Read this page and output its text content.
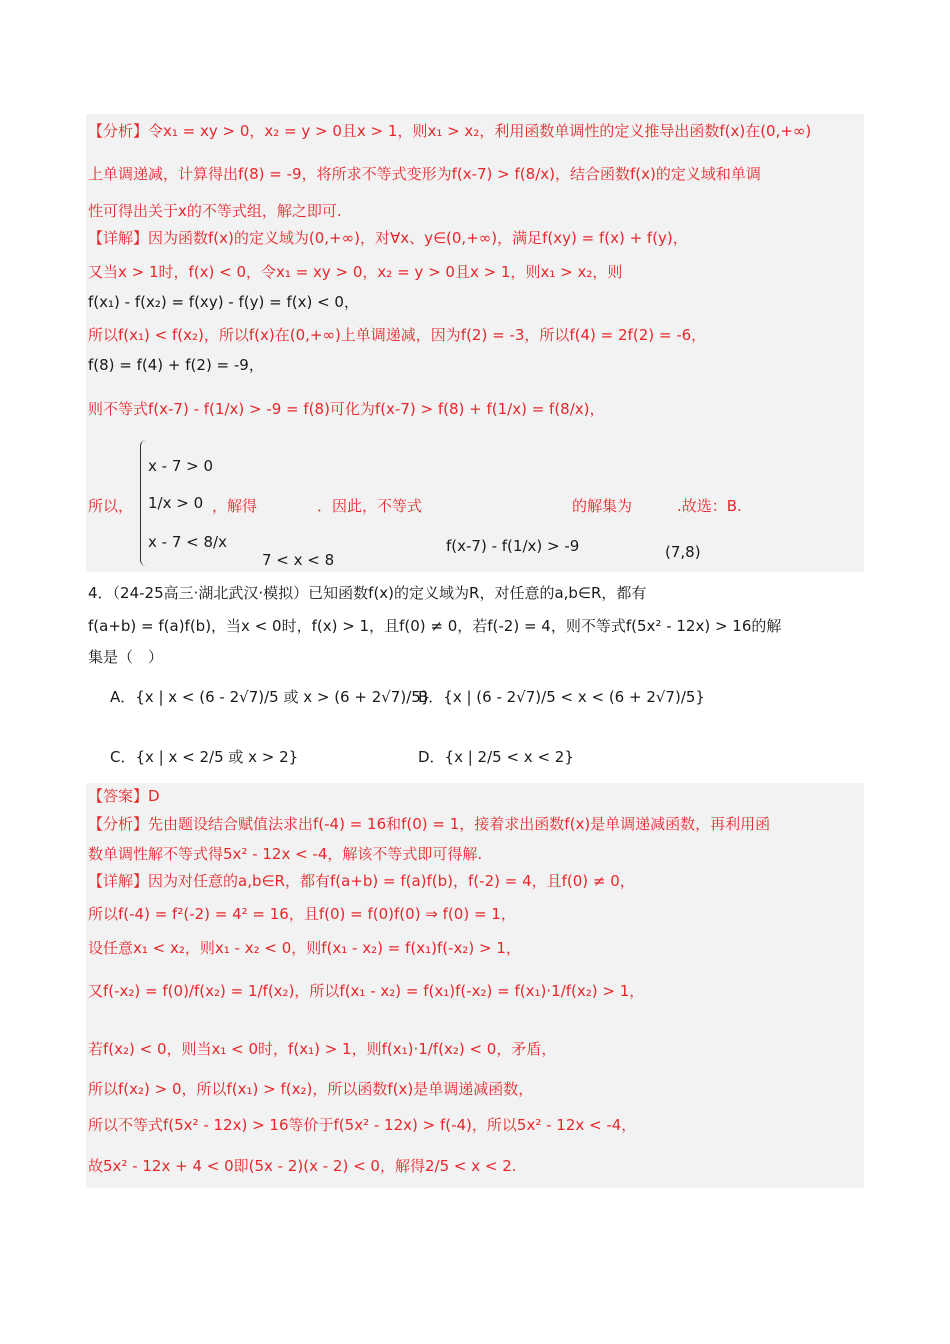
【分析】令x₁ = xy > 0，x₂ = y > 0且x > 1，则x₁ > x₂，利用函数单调性的定义推导出函数f(x)在(0,+∞)
上单调递减，计算得出f(8) = -9，将所求不等式变形为f(x-7) > f(8/x)，结合函数f(x)的定义域和单调
性可得出关于x的不等式组，解之即可.
【详解】因为函数f(x)的定义域为(0,+∞)，对∀x、y∈(0,+∞)，满足f(xy) = f(x) + f(y)，
又当x > 1时，f(x) < 0，令x₁ = xy > 0，x₂ = y > 0且x > 1，则x₁ > x₂，则
f(x₁) - f(x₂) = f(xy) - f(y) = f(x) < 0，
所以f(x₁) < f(x₂)，所以f(x)在(0,+∞)上单调递减，因为f(2) = -3，所以f(4) = 2f(2) = -6，
f(8) = f(4) + f(2) = -9，
则不等式f(x-7) - f(1/x) > -9 = f(8)可化为f(x-7) > f(8) + f(1/x) = f(8/x)，
所以，
x - 7 > 0
1/x > 0
x - 7 < 8/x
，解得　　　　．因此，不等式　　　　　　　　　　的解集为　　　.故选：B.
7 < x < 8
f(x-7) - f(1/x) > -9	(7,8)
4．（24-25高三·湖北武汉·模拟）已知函数f(x)的定义域为R，对任意的a,b∈R，都有
f(a+b) = f(a)f(b)，当x < 0时，f(x) > 1，且f(0) ≠ 0，若f(-2) = 4，则不等式f(5x² - 12x) > 16的解
集是（　）
A．{x | x < (6 - 2√7)/5 或 x > (6 + 2√7)/5}
B．{x | (6 - 2√7)/5 < x < (6 + 2√7)/5}
C．{x | x < 2/5 或 x > 2}	D．{x | 2/5 < x < 2}
【答案】D
【分析】先由题设结合赋值法求出f(-4) = 16和f(0) = 1，接着求出函数f(x)是单调递减函数，再利用函
数单调性解不等式得5x² - 12x < -4，解该不等式即可得解.
【详解】因为对任意的a,b∈R，都有f(a+b) = f(a)f(b)，f(-2) = 4，且f(0) ≠ 0，
所以f(-4) = f²(-2) = 4² = 16，且f(0) = f(0)f(0) ⇒ f(0) = 1，
设任意x₁ < x₂，则x₁ - x₂ < 0，则f(x₁ - x₂) = f(x₁)f(-x₂) > 1，
又f(-x₂) = f(0)/f(x₂) = 1/f(x₂)，所以f(x₁ - x₂) = f(x₁)f(-x₂) = f(x₁)·1/f(x₂) > 1，
若f(x₂) < 0，则当x₁ < 0时，f(x₁) > 1，则f(x₁)·1/f(x₂) < 0，矛盾，
所以f(x₂) > 0，所以f(x₁) > f(x₂)，所以函数f(x)是单调递减函数，
所以不等式f(5x² - 12x) > 16等价于f(5x² - 12x) > f(-4)，所以5x² - 12x < -4，
故5x² - 12x + 4 < 0即(5x - 2)(x - 2) < 0，解得2/5 < x < 2.
